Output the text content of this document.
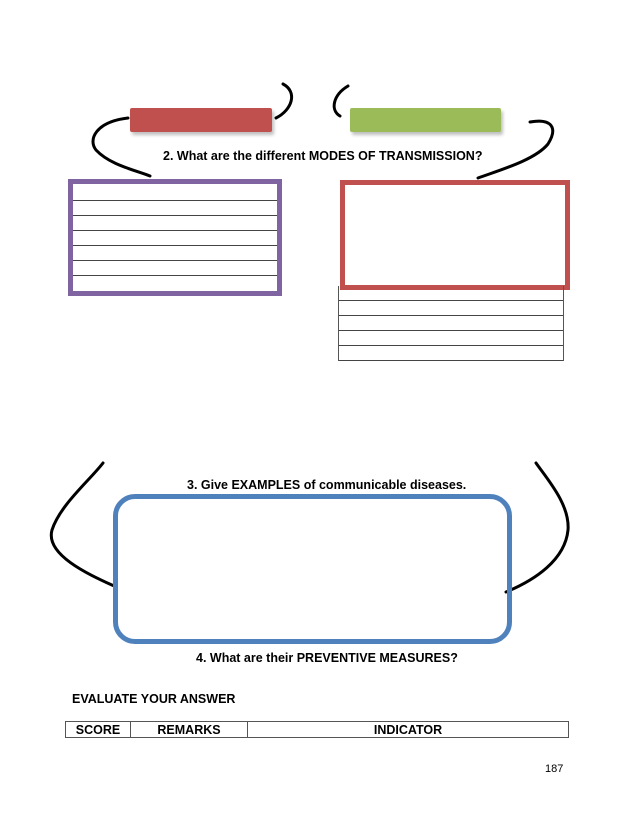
2. What are the different MODES OF TRANSMISSION?
3. Give EXAMPLES of communicable diseases.
4. What are their PREVENTIVE MEASURES?
EVALUATE YOUR ANSWER
SCORE	REMARKS	INDICATOR
187
